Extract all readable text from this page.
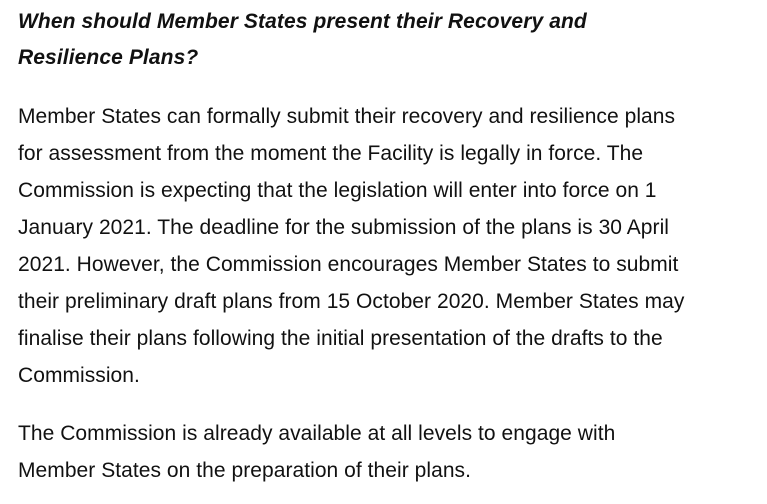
When should Member States present their Recovery and
Resilience Plans?

Member States can formally submit their recovery and resilience plans
for assessment from the moment the Facility is legally in force. The
Commission is expecting that the legislation will enter into force on 1
January 2021. The deadline for the submission of the plans is 30 April
2021. However, the Commission encourages Member States to submit
their preliminary draft plans from 15 October 2020. Member States may
finalise their plans following the initial presentation of the drafts to the
Commission.

The Commission is already available at all levels to engage with
Member States on the preparation of their plans.
